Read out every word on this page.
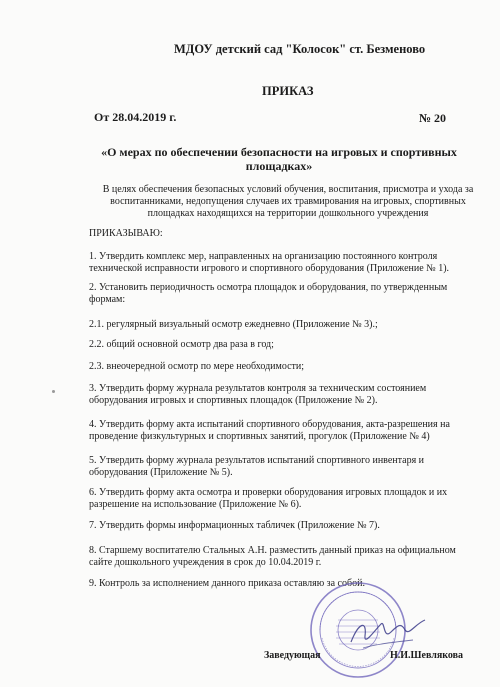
МДОУ детский сад "Колосок" ст. Безменово
ПРИКАЗ
От 28.04.2019 г.	№ 20
«О мерах по обеспечении безопасности на игровых и спортивных площадках»
В целях обеспечения безопасных условий обучения, воспитания, присмотра и ухода за воспитанниками, недопущения случаев их травмирования на игровых, спортивных площадках находящихся на территории дошкольного учреждения
ПРИКАЗЫВАЮ:
1. Утвердить комплекс мер, направленных на организацию постоянного контроля технической исправности игрового и спортивного оборудования (Приложение № 1).
2. Установить периодичность осмотра площадок и оборудования, по утвержденным формам:
2.1. регулярный визуальный осмотр ежедневно (Приложение № 3).;
2.2. общий основной осмотр два раза в год;
2.3. внеочередной осмотр по мере необходимости;
3. Утвердить форму журнала результатов контроля за техническим состоянием оборудования игровых и спортивных площадок (Приложение № 2).
4. Утвердить форму акта испытаний спортивного оборудования, акта-разрешения на проведение физкультурных и спортивных занятий, прогулок (Приложение № 4)
5. Утвердить форму журнала результатов испытаний спортивного инвентаря и оборудования (Приложение № 5).
6. Утвердить форму акта осмотра и проверки оборудования игровых площадок и их разрешение на использование (Приложение № 6).
7. Утвердить формы информационных табличек (Приложение № 7).
8. Старшему воспитателю Стальных А.Н. разместить данный приказ на официальном сайте дошкольного учреждения в срок до 10.04.2019 г.
9. Контроль за исполнением данного приказа оставляю за собой.
Заведующая	Н.И.Шевлякова
